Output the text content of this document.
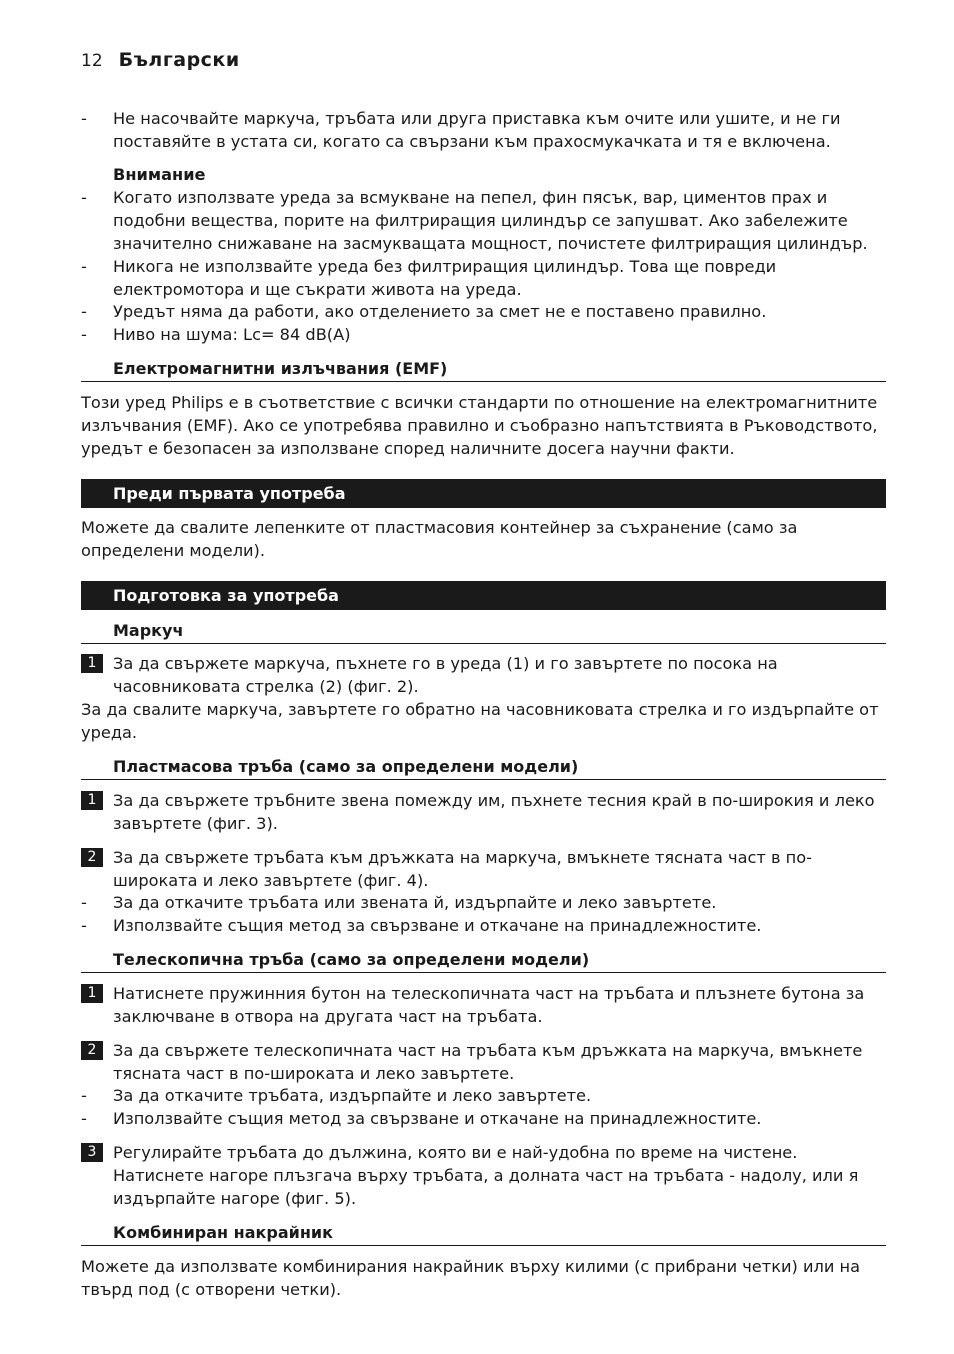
12 Български
-	Не насочвайте маркуча, тръбата или друга приставка към очите или ушите, и не ги поставяйте в устата си, когато са свързани към прахосмукачката и тя е включена.
Внимание
-	Когато използвате уреда за всмукване на пепел, фин пясък, вар, циментов прах и подобни вещества, порите на филтриращия цилиндър се запушват. Ако забележите значително снижаване на засмукващата мощност, почистете филтриращия цилиндър.
-	Никога не използвайте уреда без филтриращия цилиндър. Това ще повреди електромотора и ще съкрати живота на уреда.
-	Уредът няма да работи, ако отделението за смет не е поставено правилно.
-	Ниво на шума: Lc= 84 dB(A)
Електромагнитни излъчвания (EMF)
Този уред Philips е в съответствие с всички стандарти по отношение на електромагнитните излъчвания (EMF). Ако се употребява правилно и съобразно напътствията в Ръководството, уредът е безопасен за използване според наличните досега научни факти.
Преди първата употреба
Можете да свалите лепенките от пластмасовия контейнер за съхранение (само за определени модели).
Подготовка за употреба
Маркуч
1	За да свържете маркуча, пъхнете го в уреда (1) и го завъртете по посока на часовниковата стрелка (2) (фиг. 2).
За да свалите маркуча, завъртете го обратно на часовниковата стрелка и го издърпайте от уреда.
Пластмасова тръба (само за определени модели)
1	За да свържете тръбните звена помежду им, пъхнете тесния край в по-широкия и леко завъртете (фиг. 3).
2	За да свържете тръбата към дръжката на маркуча, вмъкнете тясната част в по-широката и леко завъртете (фиг. 4).
-	За да откачите тръбата или звената й, издърпайте и леко завъртете.
-	Използвайте същия метод за свързване и откачане на принадлежностите.
Телескопична тръба (само за определени модели)
1	Натиснете пружинния бутон на телескопичната част на тръбата и плъзнете бутона за заключване в отвора на другата част на тръбата.
2	За да свържете телескопичната част на тръбата към дръжката на маркуча, вмъкнете тясната част в по-широката и леко завъртете.
-	За да откачите тръбата, издърпайте и леко завъртете.
-	Използвайте същия метод за свързване и откачане на принадлежностите.
3	Регулирайте тръбата до дължина, която ви е най-удобна по време на чистене. Натиснете нагоре плъзгача върху тръбата, а долната част на тръбата - надолу, или я издърпайте нагоре (фиг. 5).
Комбиниран накрайник
Можете да използвате комбинирания накрайник върху килими (с прибрани четки) или на твърд под (с отворени четки).
